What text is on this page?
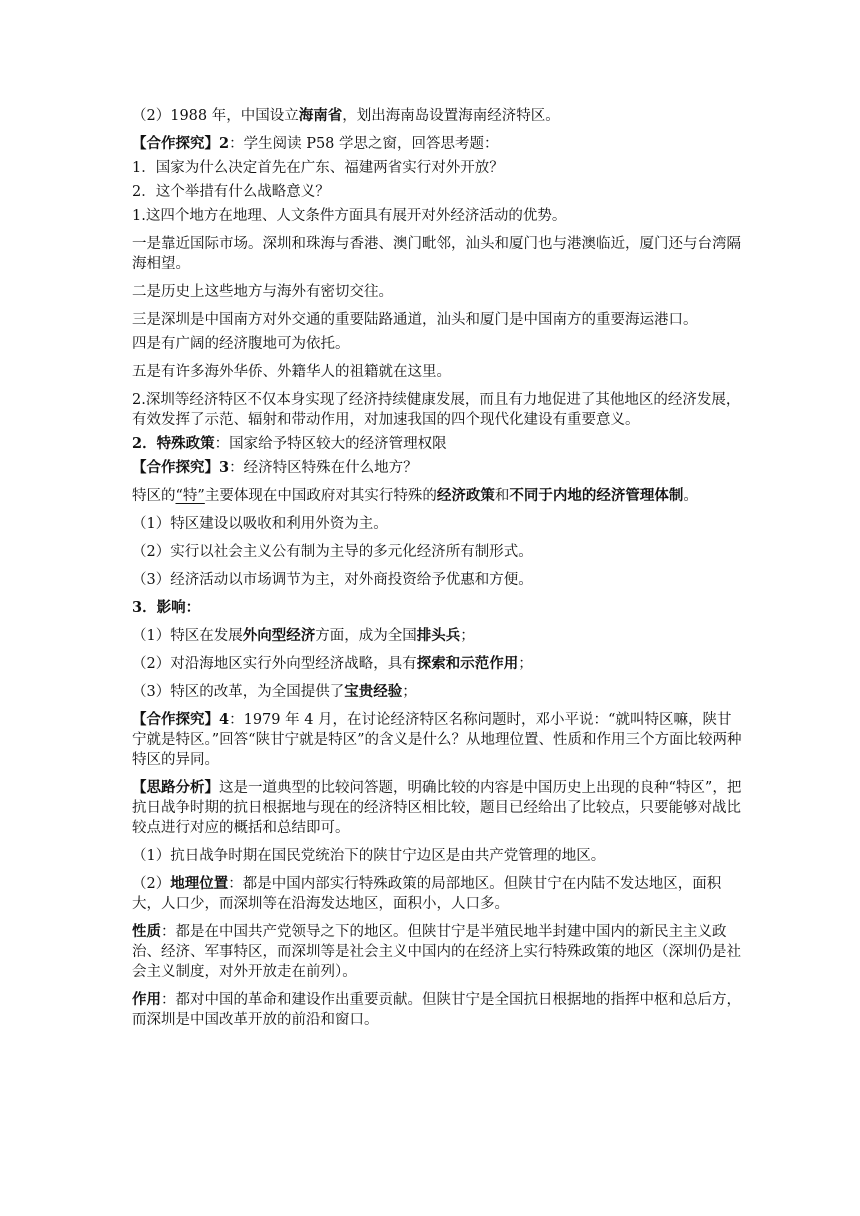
（2）1988 年，中国设立海南省，划出海南岛设置海南经济特区。

【合作探究】2：学生阅读 P58 学思之窗，回答思考题：

1．国家为什么决定首先在广东、福建两省实行对外开放？

2．这个举措有什么战略意义？

1.这四个地方在地理、人文条件方面具有展开对外经济活动的优势。

一是靠近国际市场。深圳和珠海与香港、澳门毗邻，汕头和厦门也与港澳临近，厦门还与台湾隔海相望。

二是历史上这些地方与海外有密切交往。

三是深圳是中国南方对外交通的重要陆路通道，汕头和厦门是中国南方的重要海运港口。

四是有广阔的经济腹地可为依托。

五是有许多海外华侨、外籍华人的祖籍就在这里。

2.深圳等经济特区不仅本身实现了经济持续健康发展，而且有力地促进了其他地区的经济发展，有效发挥了示范、辐射和带动作用，对加速我国的四个现代化建设有重要意义。

2．特殊政策：国家给予特区较大的经济管理权限

【合作探究】3：经济特区特殊在什么地方？

特区的“特”主要体现在中国政府对其实行特殊的经济政策和不同于内地的经济管理体制。

（1）特区建设以吸收和利用外资为主。

（2）实行以社会主义公有制为主导的多元化经济所有制形式。

（3）经济活动以市场调节为主，对外商投资给予优惠和方便。

3．影响：

（1）特区在发展外向型经济方面，成为全国排头兵；

（2）对沿海地区实行外向型经济战略，具有探索和示范作用；

（3）特区的改革，为全国提供了宝贵经验；

【合作探究】4：1979 年 4 月，在讨论经济特区名称问题时，邓小平说：“就叫特区嘛，陕甘宁就是特区。”回答“陕甘宁就是特区”的含义是什么？从地理位置、性质和作用三个方面比较两种特区的异同。

【思路分析】这是一道典型的比较问答题，明确比较的内容是中国历史上出现的良种“特区”，把抗日战争时期的抗日根据地与现在的经济特区相比较，题目已经给出了比较点，只要能够对战比较点进行对应的概括和总结即可。

（1）抗日战争时期在国民党统治下的陕甘宁边区是由共产党管理的地区。

（2）地理位置：都是中国内部实行特殊政策的局部地区。但陕甘宁在内陆不发达地区，面积大，人口少，而深圳等在沿海发达地区，面积小，人口多。

性质：都是在中国共产党领导之下的地区。但陕甘宁是半殖民地半封建中国内的新民主主义政治、经济、军事特区，而深圳等是社会主义中国内的在经济上实行特殊政策的地区（深圳仍是社会主义制度，对外开放走在前列）。

作用：都对中国的革命和建设作出重要贡献。但陕甘宁是全国抗日根据地的指挥中枢和总后方，而深圳是中国改革开放的前沿和窗口。
